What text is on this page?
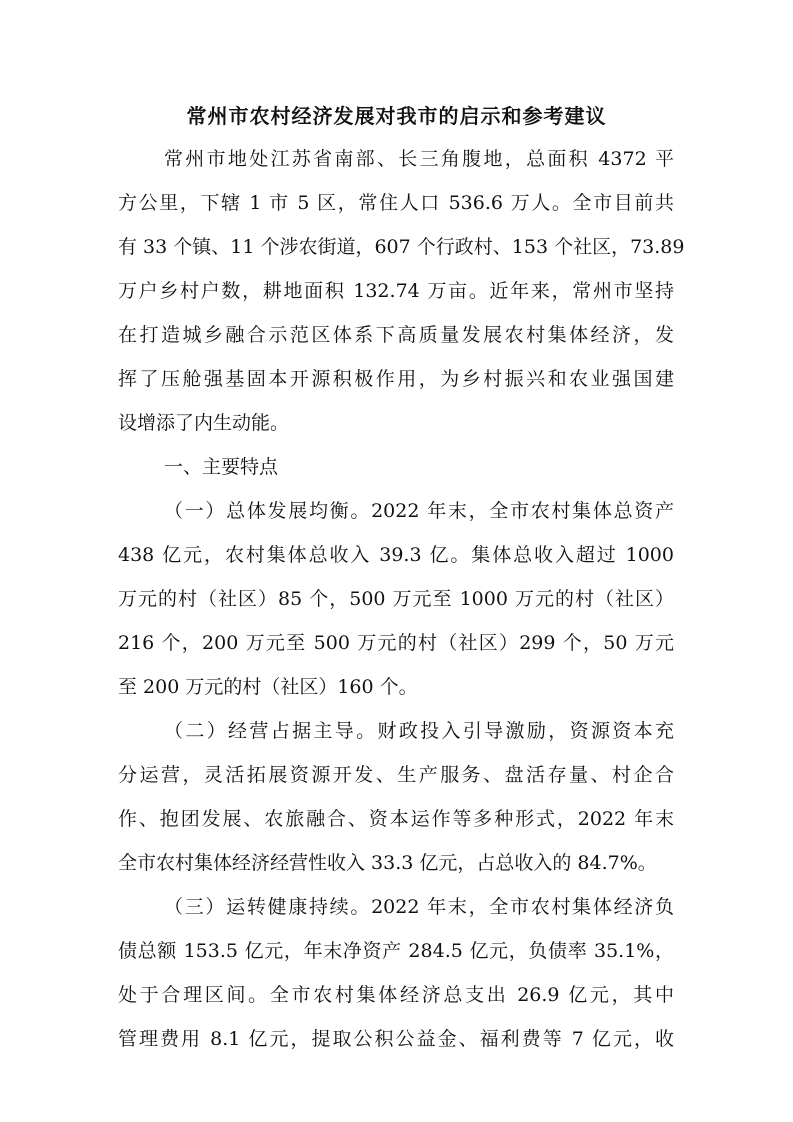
常州市农村经济发展对我市的启示和参考建议
常州市地处江苏省南部、长三角腹地，总面积 4372 平
方公里，下辖 1 市 5 区，常住人口 536.6 万人。全市目前共
有 33 个镇、11 个涉农街道，607 个行政村、153 个社区，73.89
万户乡村户数，耕地面积 132.74 万亩。近年来，常州市坚持
在打造城乡融合示范区体系下高质量发展农村集体经济，发
挥了压舱强基固本开源积极作用，为乡村振兴和农业强国建
设增添了内生动能。
一、主要特点
（一）总体发展均衡。2022 年末，全市农村集体总资产
438 亿元，农村集体总收入 39.3 亿。集体总收入超过 1000
万元的村（社区）85 个，500 万元至 1000 万元的村（社区）
216 个，200 万元至 500 万元的村（社区）299 个，50 万元
至 200 万元的村（社区）160 个。
（二）经营占据主导。财政投入引导激励，资源资本充
分运营，灵活拓展资源开发、生产服务、盘活存量、村企合
作、抱团发展、农旅融合、资本运作等多种形式，2022 年末
全市农村集体经济经营性收入 33.3 亿元，占总收入的 84.7%。
（三）运转健康持续。2022 年末，全市农村集体经济负
债总额 153.5 亿元，年末净资产 284.5 亿元，负债率 35.1%，
处于合理区间。全市农村集体经济总支出 26.9 亿元，其中
管理费用 8.1 亿元，提取公积公益金、福利费等 7 亿元，收
